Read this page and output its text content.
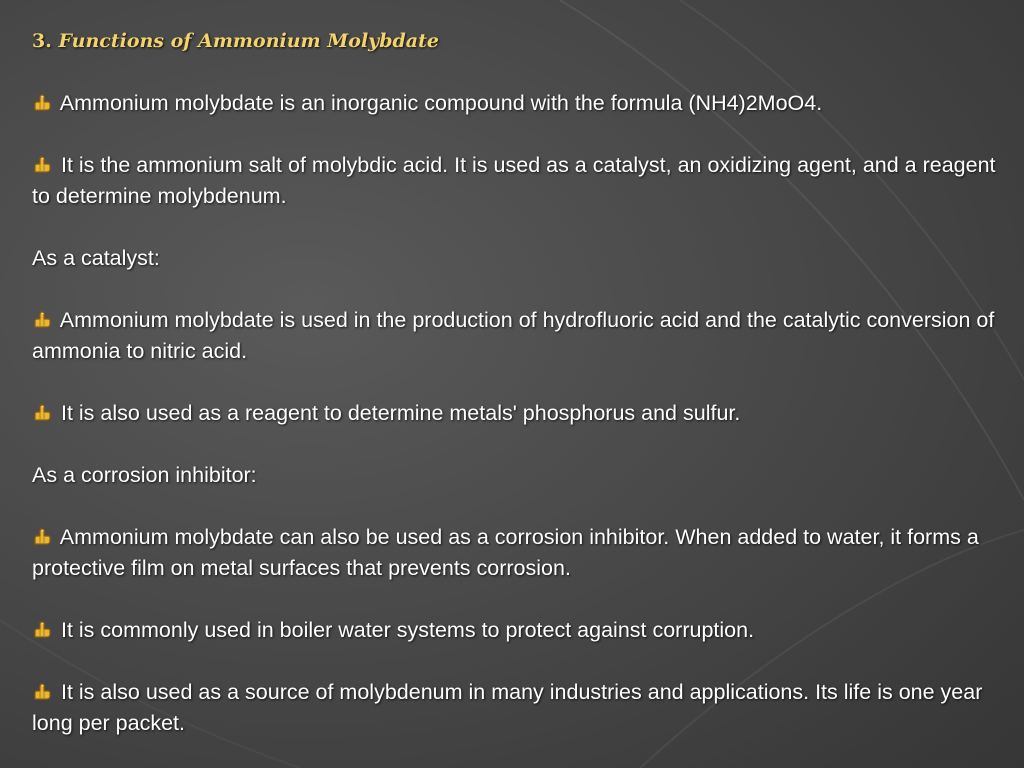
3. Functions of Ammonium Molybdate
Ammonium molybdate is an inorganic compound with the formula (NH4)2MoO4.
It is the ammonium salt of molybdic acid. It is used as a catalyst, an oxidizing agent, and a reagent to determine molybdenum.
As a catalyst:
Ammonium molybdate is used in the production of hydrofluoric acid and the catalytic conversion of ammonia to nitric acid.
It is also used as a reagent to determine metals' phosphorus and sulfur.
As a corrosion inhibitor:
Ammonium molybdate can also be used as a corrosion inhibitor. When added to water, it forms a protective film on metal surfaces that prevents corrosion.
It is commonly used in boiler water systems to protect against corruption.
It is also used as a source of molybdenum in many industries and applications. Its life is one year long per packet.
